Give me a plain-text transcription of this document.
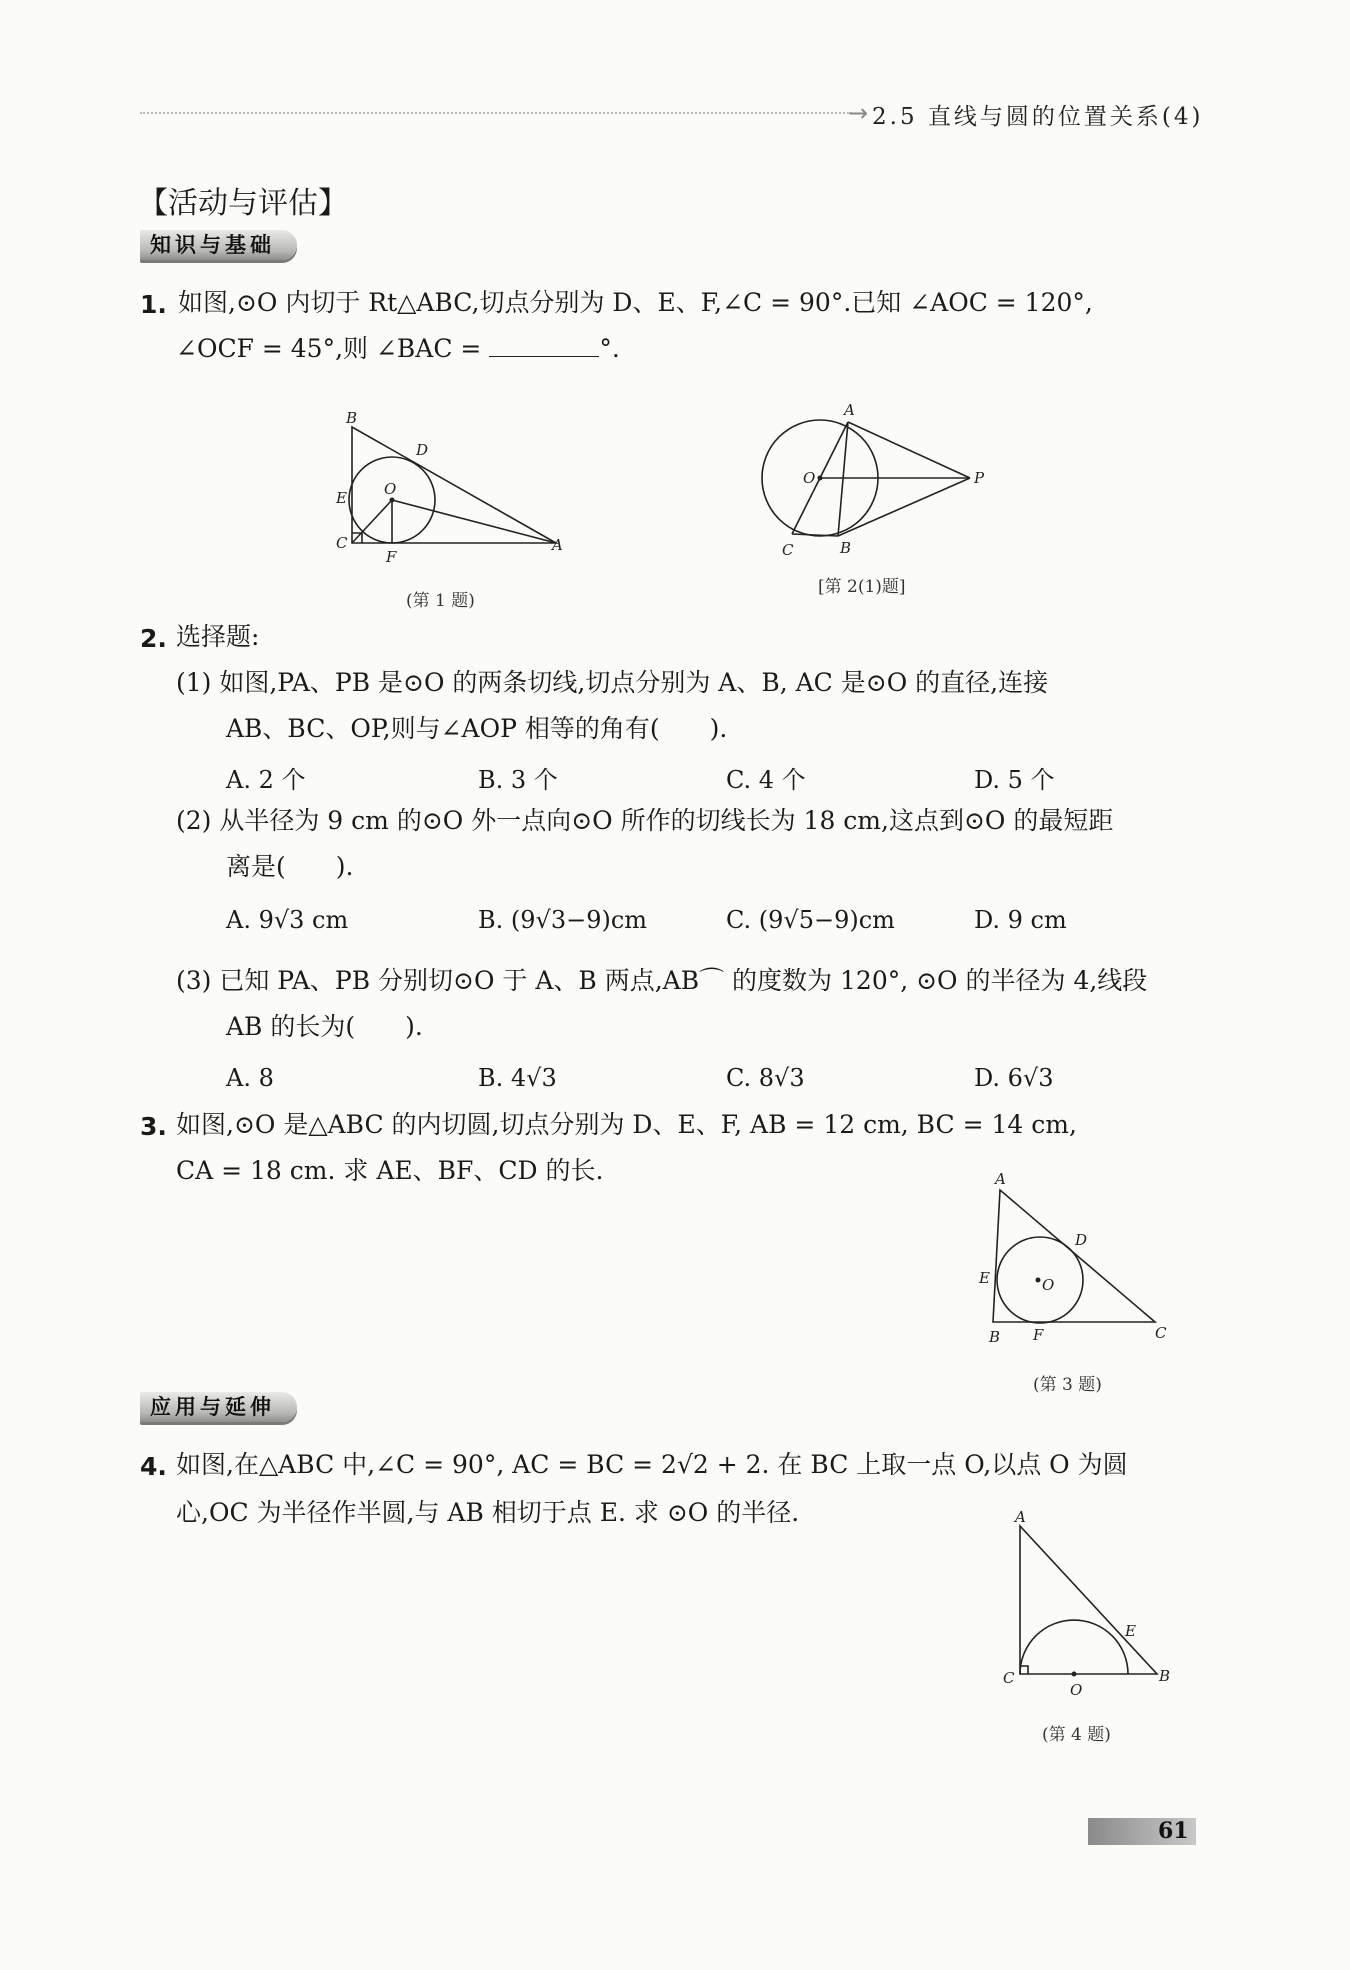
→ 2.5 直线与圆的位置关系(4)
【活动与评估】
知识与基础
1. 如图,⊙O 内切于 Rt△ABC,切点分别为 D、E、F,∠C = 90°.已知 ∠AOC = 120°,
∠OCF = 45°,则 ∠BAC =	°.
B
D
O
E
C
F
A
(第 1 题)
A
O	P
C	B
[第 2(1)题]
2. 选择题:
(1) 如图,PA、PB 是⊙O 的两条切线,切点分别为 A、B, AC 是⊙O 的直径,连接
AB、BC、OP,则与∠AOP 相等的角有(　　).
A. 2 个	B. 3 个	C. 4 个	D. 5 个
(2) 从半径为 9 cm 的⊙O 外一点向⊙O 所作的切线长为 18 cm,这点到⊙O 的最短距
离是(　　).
A. 9√3 cm	B. (9√3−9)cm	C. (9√5−9)cm	D. 9 cm
(3) 已知 PA、PB 分别切⊙O 于 A、B 两点,AB⌒ 的度数为 120°, ⊙O 的半径为 4,线段
AB 的长为(　　).
A. 8	B. 4√3	C. 8√3	D. 6√3
3. 如图,⊙O 是△ABC 的内切圆,切点分别为 D、E、F, AB = 12 cm, BC = 14 cm,
CA = 18 cm. 求 AE、BF、CD 的长.	A
D
E	O
B F	C
(第 3 题)
应用与延伸
4. 如图,在△ABC 中,∠C = 90°, AC = BC = 2√2 + 2. 在 BC 上取一点 O,以点 O 为圆
心,OC 为半径作半圆,与 AB 相切于点 E. 求 ⊙O 的半径.	A
E
C
O
B
(第 4 题)
61
